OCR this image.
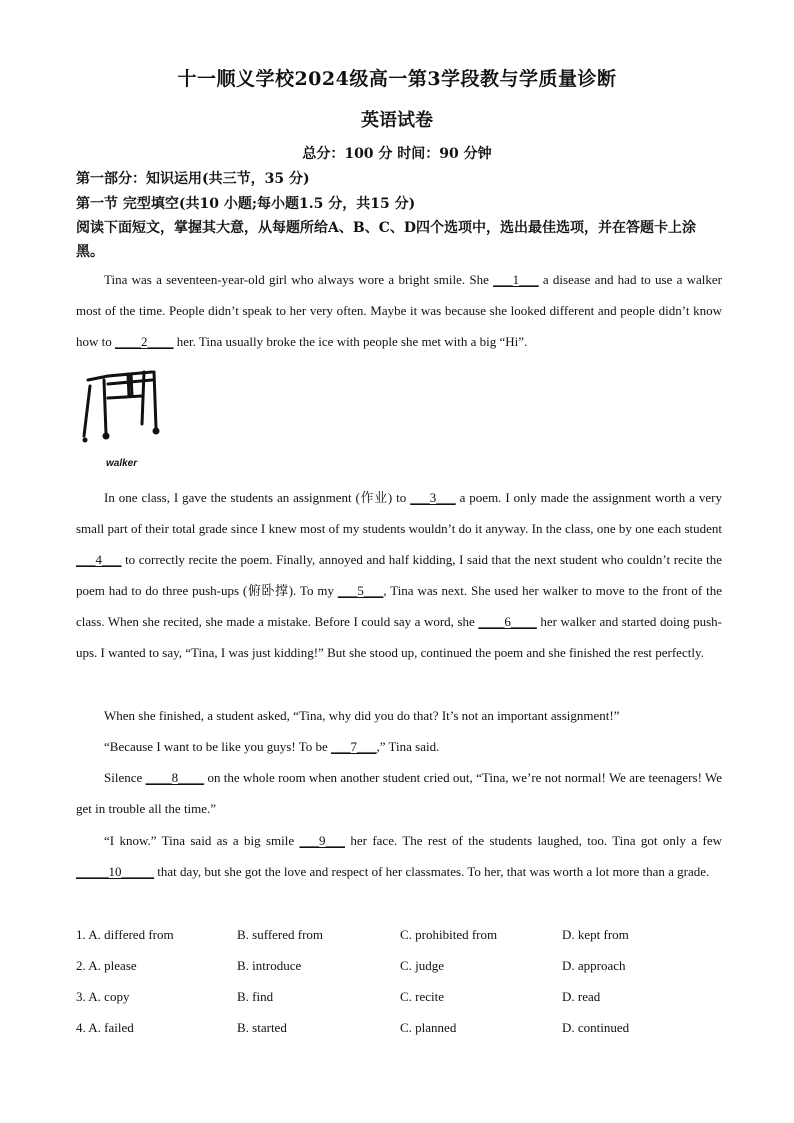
十一顺义学校2024级高一第3学段教与学质量诊断
英语试卷
总分：100 分 时间：90 分钟
第一部分：知识运用(共三节，35 分)
第一节 完型填空(共10 小题;每小题1.5 分，共15 分)
阅读下面短文，掌握其大意，从每题所给A、B、C、D四个选项中，选出最佳选项，并在答题卡上涂黑。
Tina was a seventeen-year-old girl who always wore a bright smile. She ___1___ a disease and had to use a walker most of the time. People didn’t speak to her very often. Maybe it was because she looked different and people didn’t know how to ____2____ her. Tina usually broke the ice with people she met with a big “Hi”.
walker
In one class, I gave the students an assignment (作业) to ___3___ a poem. I only made the assignment worth a very small part of their total grade since I knew most of my students wouldn’t do it anyway. In the class, one by one each student ___4___ to correctly recite the poem. Finally, annoyed and half kidding, I said that the next student who couldn’t recite the poem had to do three push-ups (俯卧撑). To my ___5___, Tina was next. She used her walker to move to the front of the class. When she recited, she made a mistake. Before I could say a word, she ____6____ her walker and started doing push-ups. I wanted to say, “Tina, I was just kidding!” But she stood up, continued the poem and she finished the rest perfectly.
When she finished, a student asked, “Tina, why did you do that? It’s not an important assignment!”
“Because I want to be like you guys! To be ___7___,” Tina said.
Silence ____8____ on the whole room when another student cried out, “Tina, we’re not normal! We are teenagers! We get in trouble all the time.”
“I know.” Tina said as a big smile ___9___ her face. The rest of the students laughed, too. Tina got only a few _____10_____ that day, but she got the love and respect of her classmates. To her, that was worth a lot more than a grade.
1. A. differed from	B. suffered from	C. prohibited from	D. kept from
2. A. please	B. introduce	C. judge	D. approach
3. A. copy	B. find	C. recite	D. read
4. A. failed	B. started	C. planned	D. continued
